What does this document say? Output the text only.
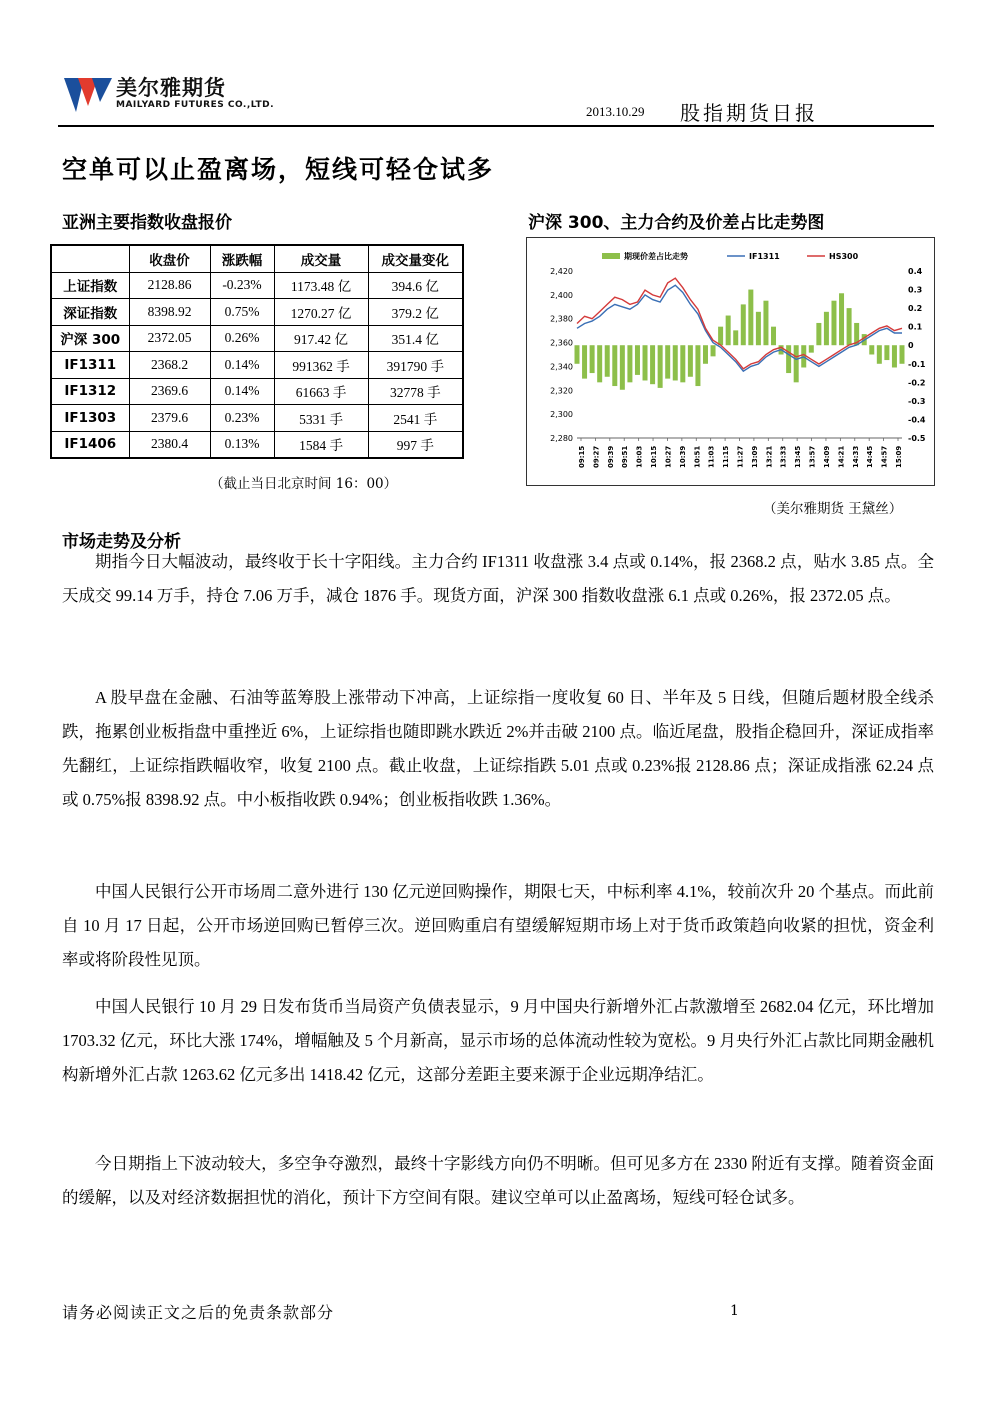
美尔雅期货
MAILYARD FUTURES CO.,LTD.	2013.10.29 股指期货日报
空单可以止盈离场，短线可轻仓试多
亚洲主要指数收盘报价
	收盘价	涨跌幅	成交量	成交量变化
上证指数	2128.86	-0.23%	1173.48 亿	394.6 亿
深证指数	8398.92	0.75%	1270.27 亿	379.2 亿
沪深 300	2372.05	0.26%	917.42 亿	351.4 亿
IF1311	2368.2	0.14%	991362 手	391790 手
IF1312	2369.6	0.14%	61663 手	32778 手
IF1303	2379.6	0.23%	5331 手	2541 手
IF1406	2380.4	0.13%	1584 手	997 手
（截止当日北京时间 16：00）
沪深 300、主力合约及价差占比走势图
期现价差占比走势	IF1311	HS300
2,420
2,400
2,380
2,360
2,340
2,320
2,300
2,280
0.4
0.3
0.2
0.1
0
-0.1
-0.2
-0.3
-0.4
-0.5
09:15 09:27 09:39 09:51 10:03 10:15 10:27 10:39 10:51 11:03 11:15 11:27 13:09 13:21 13:33 13:45 13:57 14:09 14:21 14:33 14:45 14:57 15:09
（美尔雅期货 王黛丝）
市场走势及分析

期指今日大幅波动，最终收于长十字阳线。主力合约 IF1311 收盘涨 3.4 点或 0.14%，报 2368.2 点，贴水 3.85 点。全天成交 99.14 万手，持仓 7.06 万手，减仓 1876 手。现货方面，沪深 300 指数收盘涨 6.1 点或 0.26%，报 2372.05 点。

A 股早盘在金融、石油等蓝筹股上涨带动下冲高，上证综指一度收复 60 日、半年及 5 日线，但随后题材股全线杀跌，拖累创业板指盘中重挫近 6%，上证综指也随即跳水跌近 2%并击破 2100 点。临近尾盘，股指企稳回升，深证成指率先翻红，上证综指跌幅收窄，收复 2100 点。截止收盘，上证综指跌 5.01 点或 0.23%报 2128.86 点；深证成指涨 62.24 点或 0.75%报 8398.92 点。中小板指收跌 0.94%；创业板指收跌 1.36%。

中国人民银行公开市场周二意外进行 130 亿元逆回购操作，期限七天，中标利率 4.1%，较前次升 20 个基点。而此前自 10 月 17 日起，公开市场逆回购已暂停三次。逆回购重启有望缓解短期市场上对于货币政策趋向收紧的担忧，资金利率或将阶段性见顶。

中国人民银行 10 月 29 日发布货币当局资产负债表显示，9 月中国央行新增外汇占款激增至 2682.04 亿元，环比增加 1703.32 亿元，环比大涨 174%，增幅触及 5 个月新高，显示市场的总体流动性较为宽松。9 月央行外汇占款比同期金融机构新增外汇占款 1263.62 亿元多出 1418.42 亿元，这部分差距主要来源于企业远期净结汇。

今日期指上下波动较大，多空争夺激烈，最终十字影线方向仍不明晰。但可见多方在 2330 附近有支撑。随着资金面的缓解，以及对经济数据担忧的消化，预计下方空间有限。建议空单可以止盈离场，短线可轻仓试多。

请务必阅读正文之后的免责条款部分	1
